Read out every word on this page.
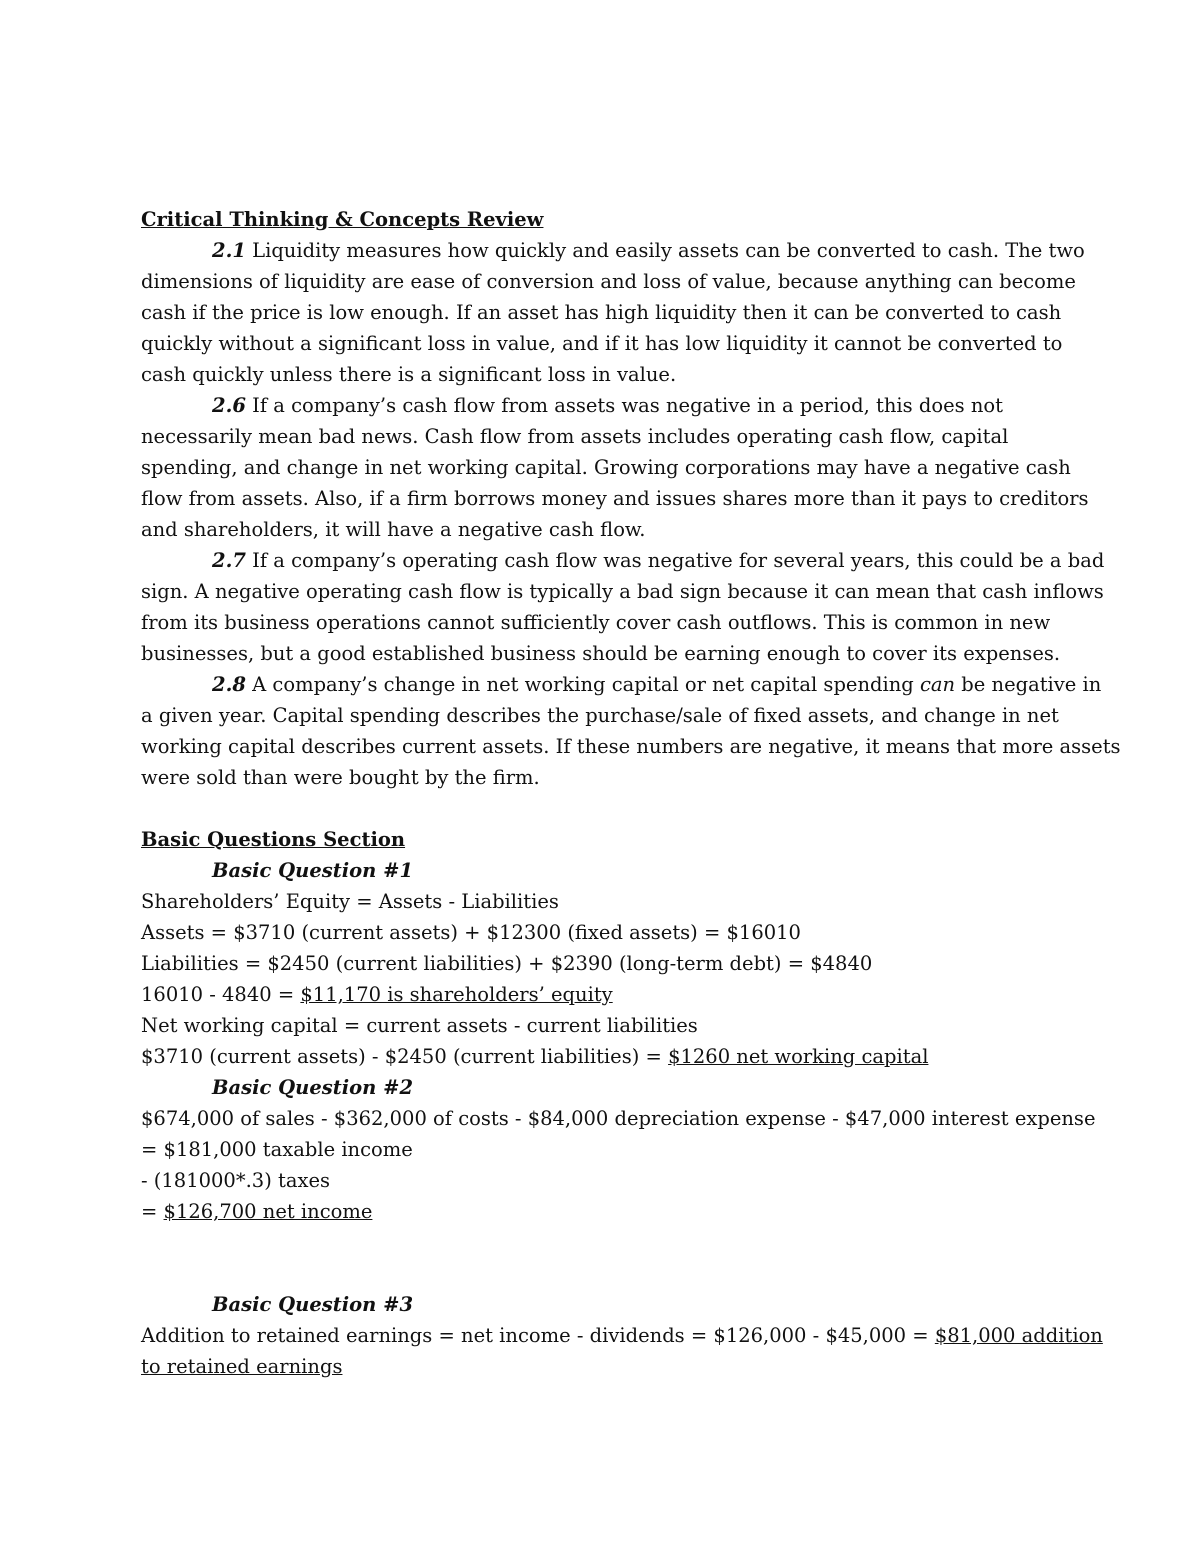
Critical Thinking & Concepts Review
2.1 Liquidity measures how quickly and easily assets can be converted to cash. The two
dimensions of liquidity are ease of conversion and loss of value, because anything can become
cash if the price is low enough. If an asset has high liquidity then it can be converted to cash
quickly without a significant loss in value, and if it has low liquidity it cannot be converted to
cash quickly unless there is a significant loss in value.
2.6 If a company’s cash flow from assets was negative in a period, this does not
necessarily mean bad news. Cash flow from assets includes operating cash flow, capital
spending, and change in net working capital. Growing corporations may have a negative cash
flow from assets. Also, if a firm borrows money and issues shares more than it pays to creditors
and shareholders, it will have a negative cash flow.
2.7 If a company’s operating cash flow was negative for several years, this could be a bad
sign. A negative operating cash flow is typically a bad sign because it can mean that cash inflows
from its business operations cannot sufficiently cover cash outflows. This is common in new
businesses, but a good established business should be earning enough to cover its expenses.
2.8 A company’s change in net working capital or net capital spending can be negative in
a given year. Capital spending describes the purchase/sale of fixed assets, and change in net
working capital describes current assets. If these numbers are negative, it means that more assets
were sold than were bought by the firm.
Basic Questions Section
Basic Question #1
Shareholders’ Equity = Assets - Liabilities
Assets = $3710 (current assets) + $12300 (fixed assets) = $16010
Liabilities = $2450 (current liabilities) + $2390 (long-term debt) = $4840
16010 - 4840 = $11,170 is shareholders’ equity
Net working capital = current assets - current liabilities
$3710 (current assets) - $2450 (current liabilities) = $1260 net working capital
Basic Question #2
$674,000 of sales - $362,000 of costs - $84,000 depreciation expense - $47,000 interest expense
= $181,000 taxable income
- (181000*.3) taxes
= $126,700 net income
Basic Question #3
Addition to retained earnings = net income - dividends = $126,000 - $45,000 = $81,000 addition
to retained earnings
